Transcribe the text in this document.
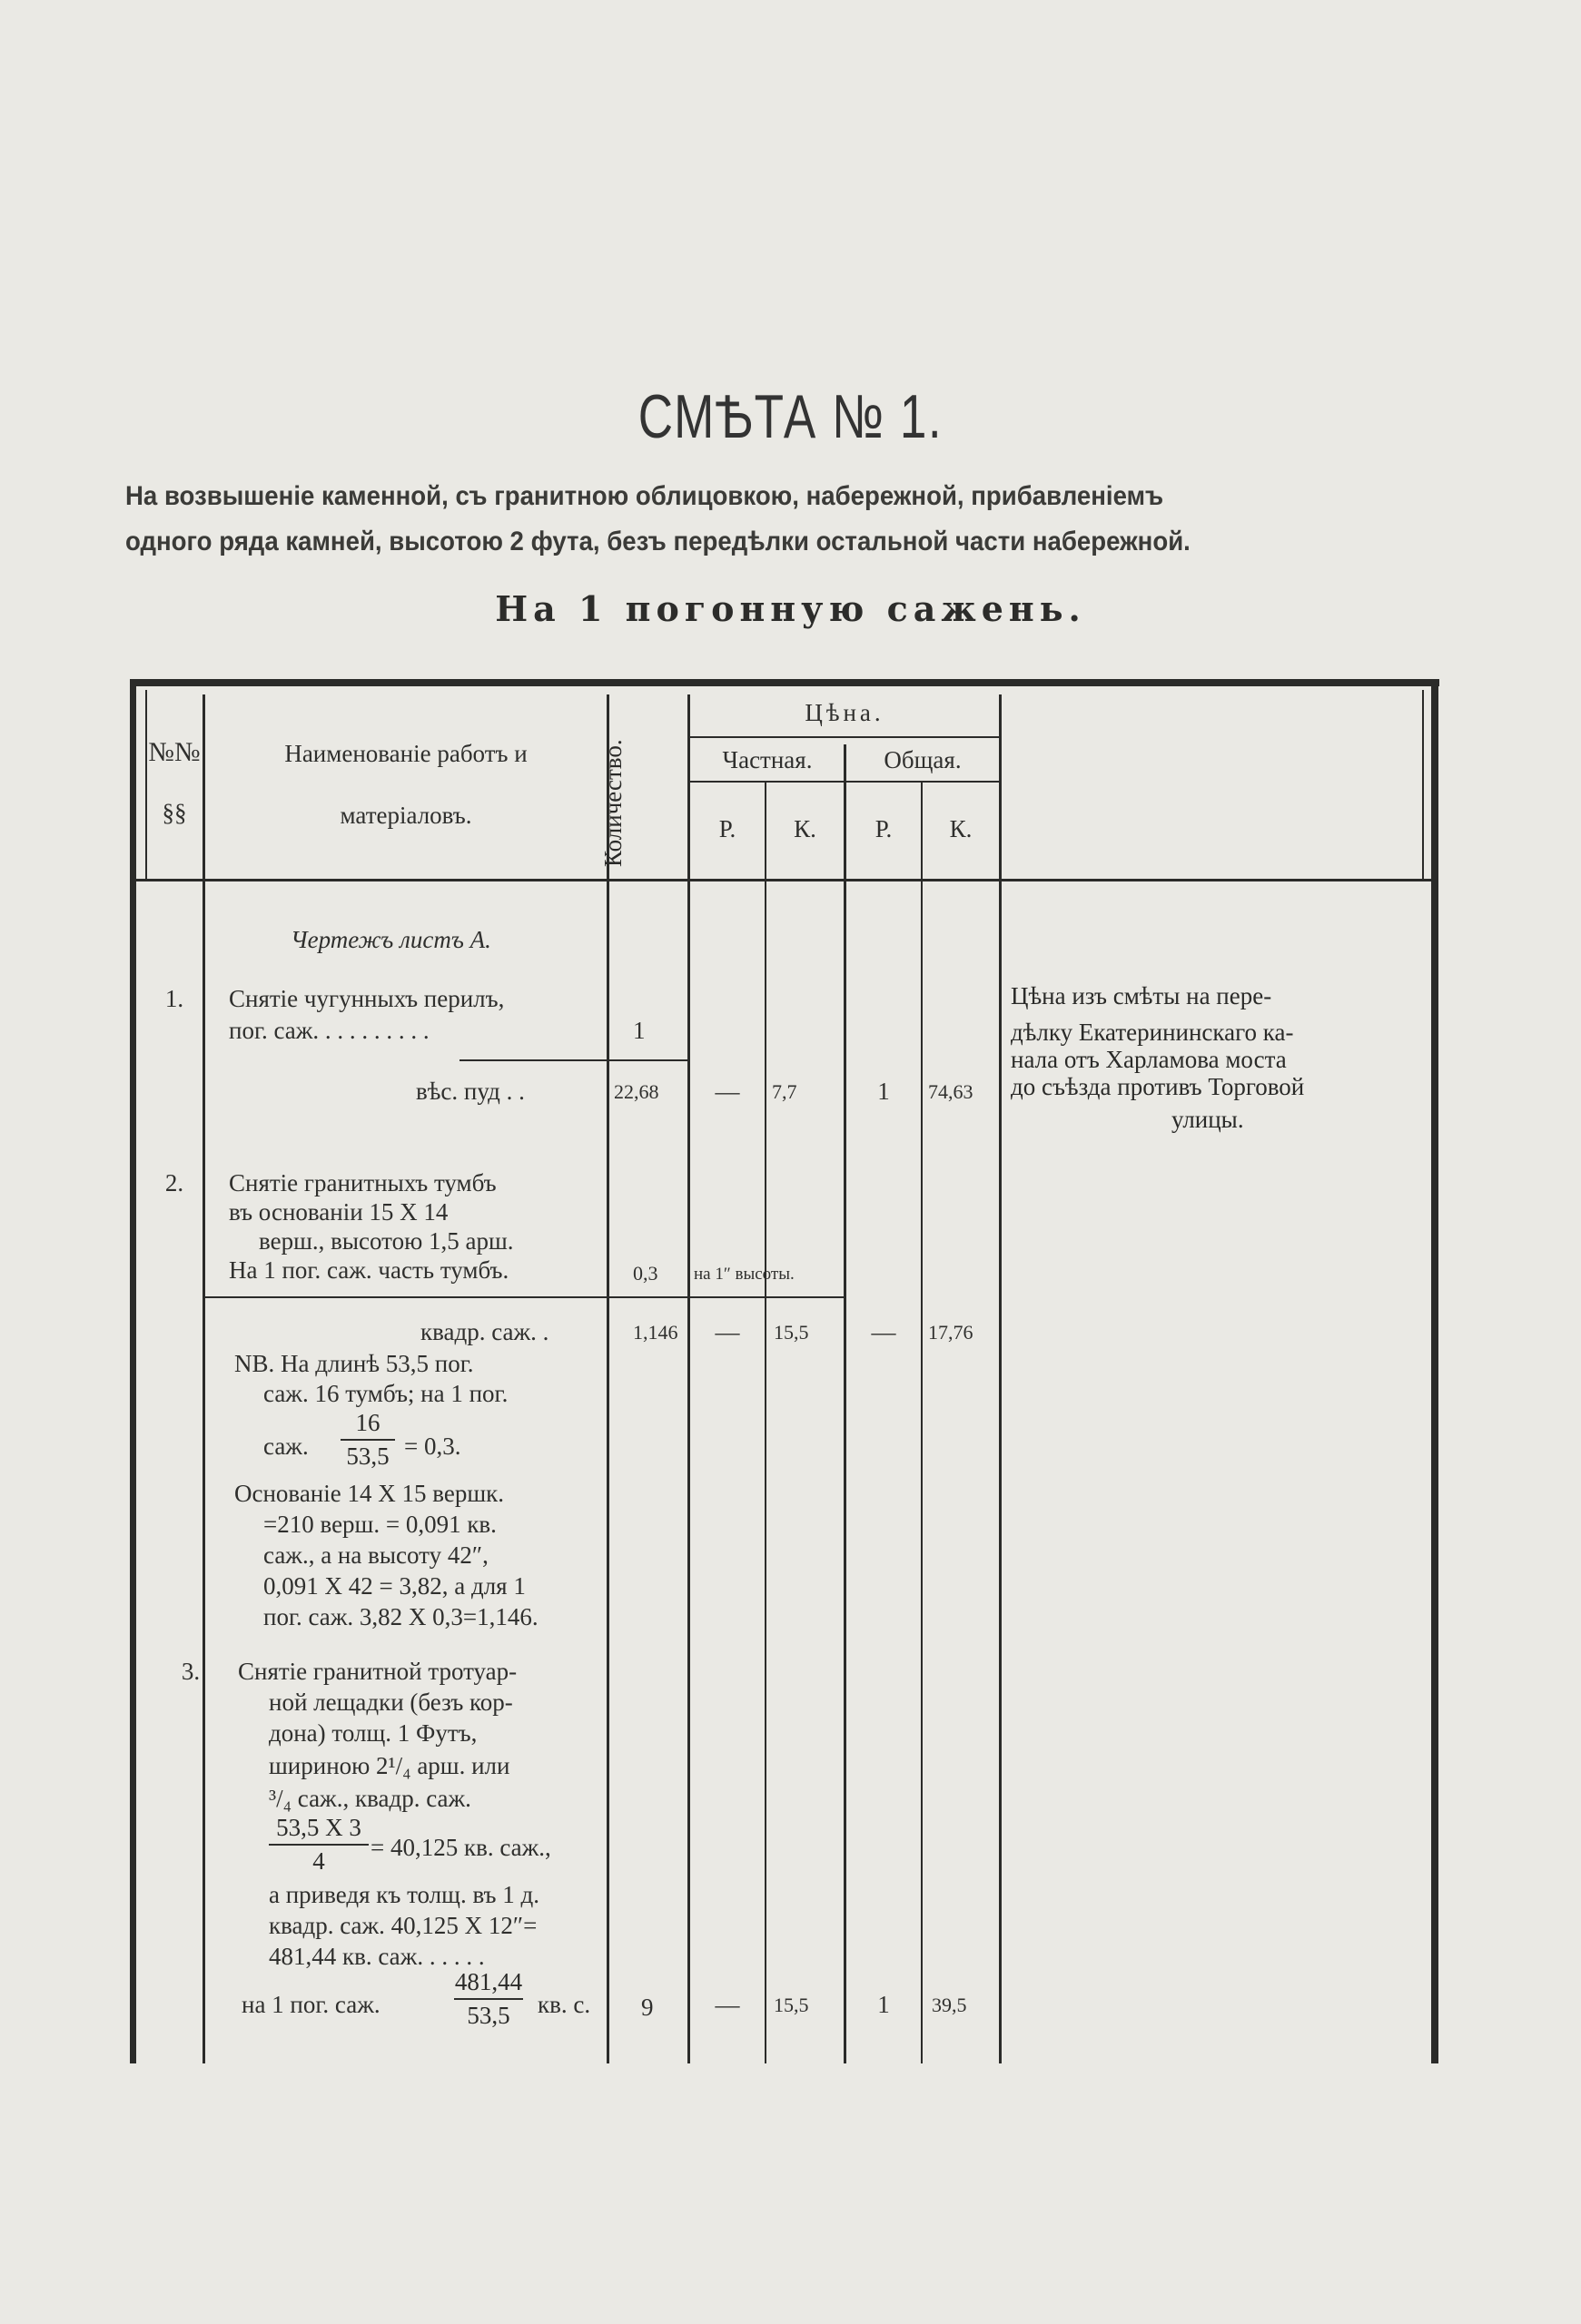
СМѢТА № 1.
На возвышеніе каменной, съ гранитною облицовкою, набережной, прибавленіемъ
одного ряда камней, высотою 2 фута, безъ передѣлки остальной части набережной.
На 1 погонную сажень.
№№
§§
Наименованіе работъ и
матеріаловъ.	Количество.
Цѣна.
Частная.	Общая.
Р.	К.	Р.	К.
Чертежъ листъ А.
Цѣна изъ смѣты на пере-
дѣлку Екатерининскаго ка-
нала отъ Харламова моста
до съѣзда противъ Торговой
улицы.
1.	Снятіе чугунныхъ перилъ,
пог. саж. . . . . . . . . .	1
вѣс. пуд . .	22,68	—	7,7	1	74,63
2.	Снятіе гранитныхъ тумбъ
въ основаніи 15 X 14
верш., высотою 1,5 арш.
На 1 пог. саж. часть тумбъ.	0,3 на 1″ высоты.
квадр. саж. .	1,146	—	15,5	—	17,76
NB. На длинѣ 53,5 пог.
саж. 16 тумбъ; на 1 пог.
саж.
16
53,5 = 0,3.
Основаніе 14 X 15 вершк.
=210 верш. = 0,091 кв.
саж., а на высоту 42″,
0,091 X 42 = 3,82, а для 1
пог. саж. 3,82 X 0,3=1,146.
3.	Снятіе гранитной тротуар-
ной лещадки (безъ кор-
дона) толщ. 1 Футъ,
шириною 2¹/₄ арш. или
³/₄ саж., квадр. саж.
53,5 X 3
4	= 40,125 кв. саж.,
а приведя къ толщ. въ 1 д.
квадр. саж. 40,125 X 12″=
481,44 кв. саж. . . . . .
на 1 пог. саж.
481,44
53,5	кв. с. 9	—	15,5	1	39,5
